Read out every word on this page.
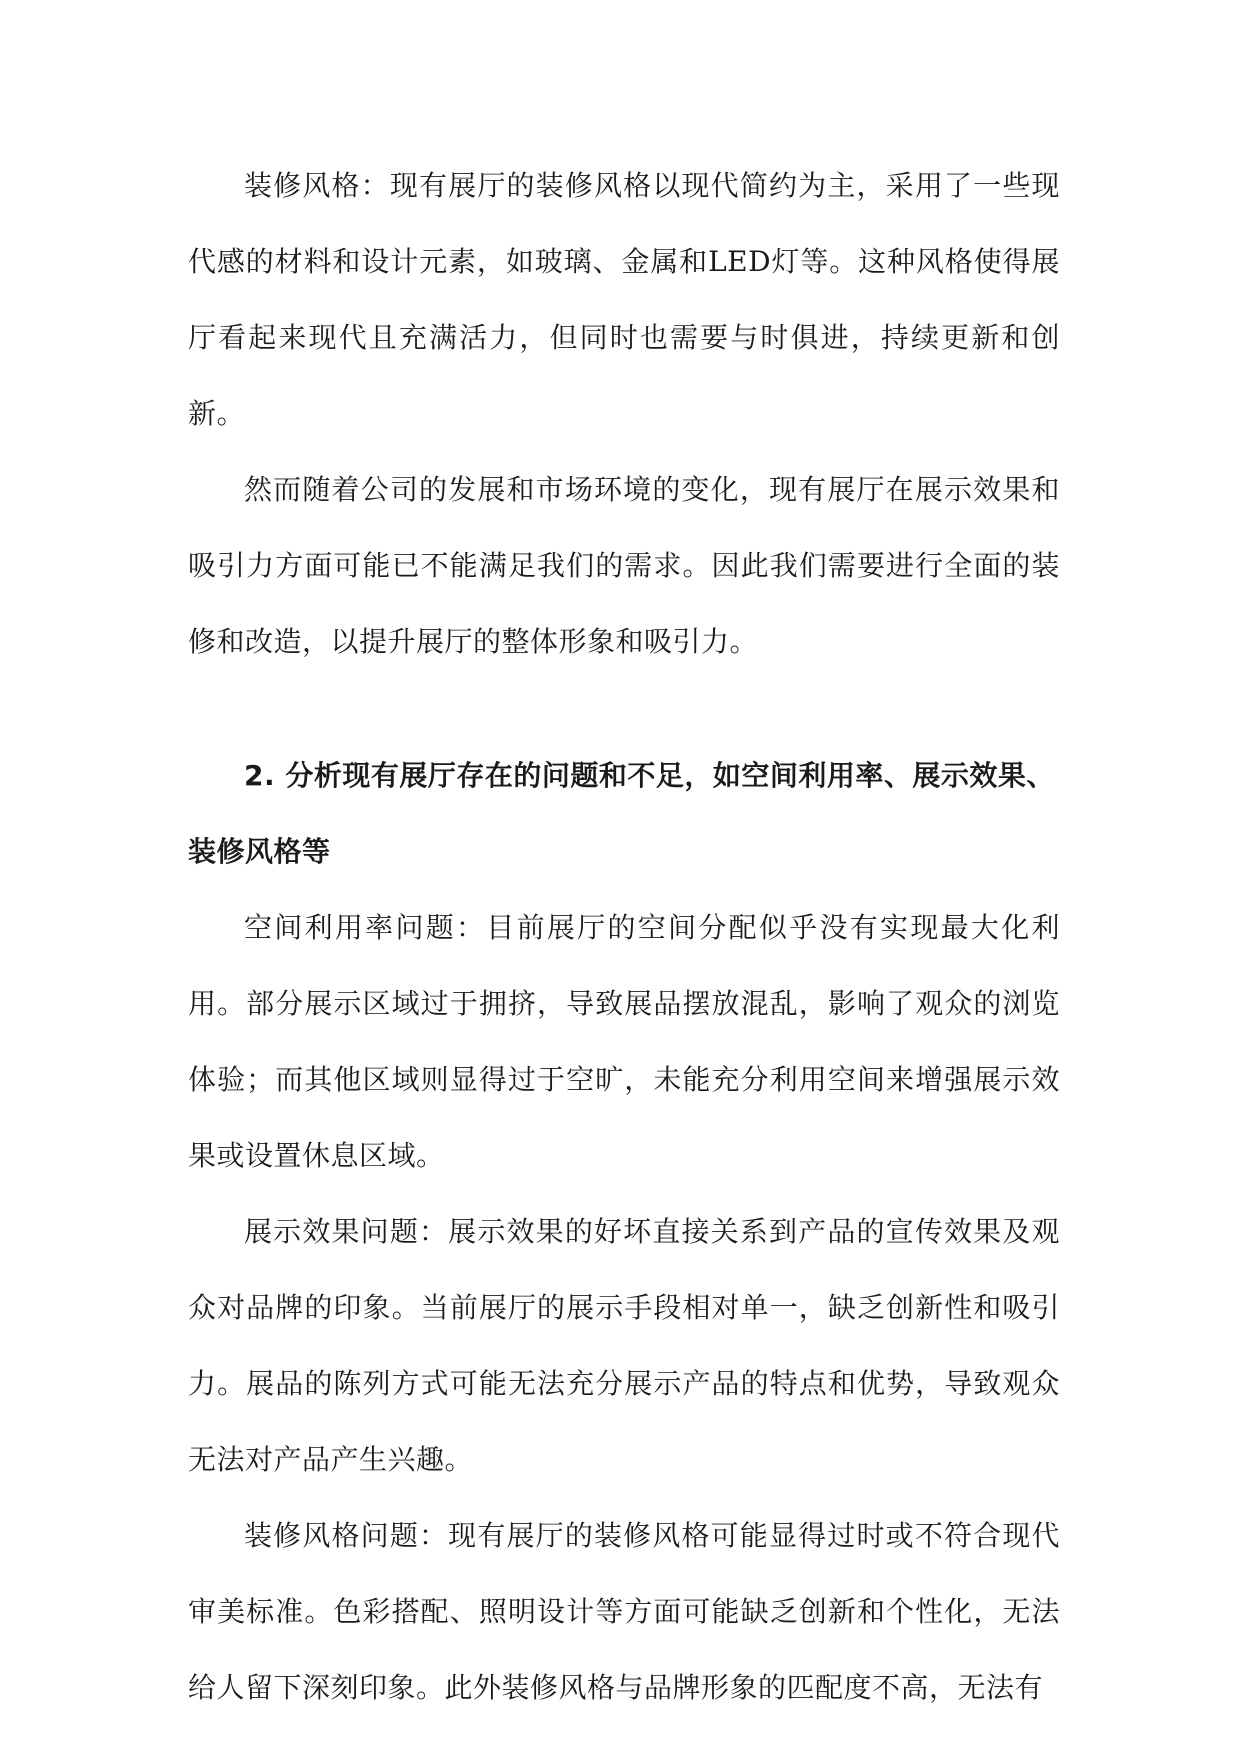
装修风格：现有展厅的装修风格以现代简约为主，采用了一些现代感的材料和设计元素，如玻璃、金属和LED灯等。这种风格使得展厅看起来现代且充满活力，但同时也需要与时俱进，持续更新和创新。

然而随着公司的发展和市场环境的变化，现有展厅在展示效果和吸引力方面可能已不能满足我们的需求。因此我们需要进行全面的装修和改造，以提升展厅的整体形象和吸引力。

2. 分析现有展厅存在的问题和不足，如空间利用率、展示效果、装修风格等

空间利用率问题：目前展厅的空间分配似乎没有实现最大化利用。部分展示区域过于拥挤，导致展品摆放混乱，影响了观众的浏览体验；而其他区域则显得过于空旷，未能充分利用空间来增强展示效果或设置休息区域。

展示效果问题：展示效果的好坏直接关系到产品的宣传效果及观众对品牌的印象。当前展厅的展示手段相对单一，缺乏创新性和吸引力。展品的陈列方式可能无法充分展示产品的特点和优势，导致观众无法对产品产生兴趣。

装修风格问题：现有展厅的装修风格可能显得过时或不符合现代审美标准。色彩搭配、照明设计等方面可能缺乏创新和个性化，无法给人留下深刻印象。此外装修风格与品牌形象的匹配度不高，无法有
